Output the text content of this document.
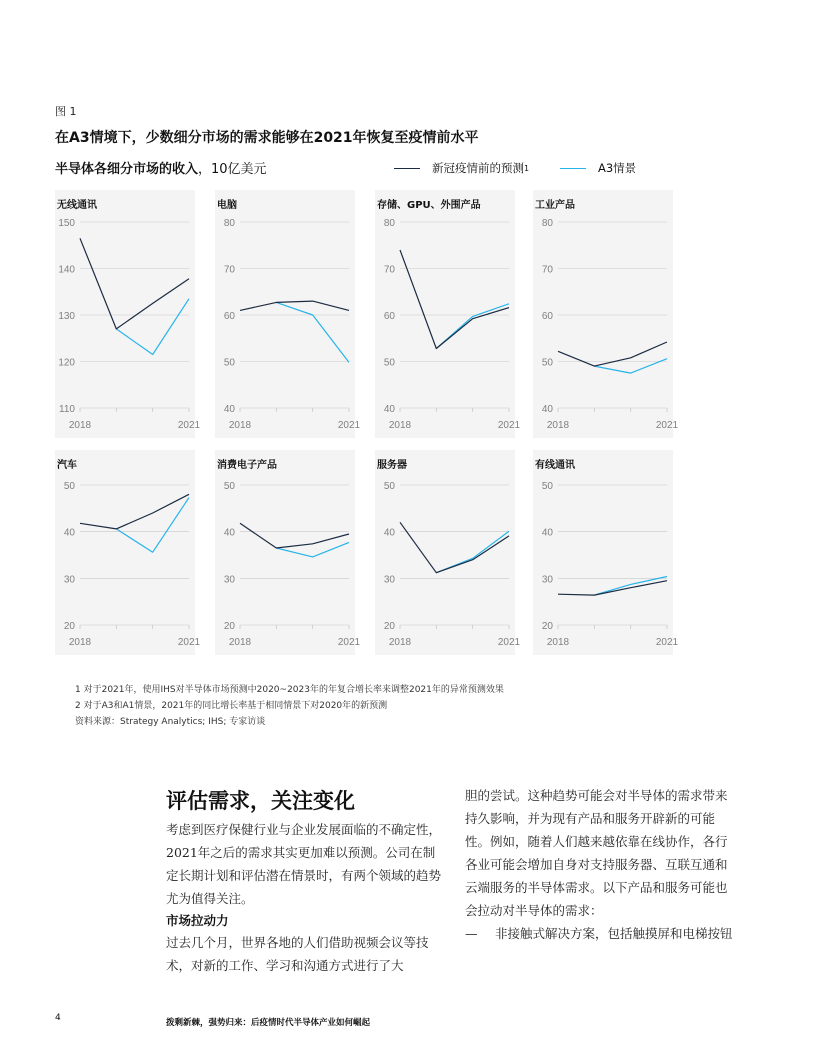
图 1
在A3情境下，少数细分市场的需求能够在2021年恢复至疫情前水平
半导体各细分市场的收入，10亿美元	新冠疫情前的预测 1	A3情景
无线通讯
150
140
130
120
110
2018	2021
电脑
80
70
60
50
40
2018	2021
存储、GPU、外围产品
80
70
60
50
40
2018	2021
工业产品
80
70
60
50
40
2018	2021
汽车
50
40
30
20
2018	2021
消费电子产品
50
40
30
20
2018	2021
服务器
50
40
30
20
2018	2021
有线通讯
50
40
30
20
2018	2021
1 对于2021年，使用IHS对半导体市场预测中2020~2023年的年复合增长率来调整2021年的异常预测效果
2 对于A3和A1情景，2021年的同比增长率基于相同情景下对2020年的新预测
资料来源：Strategy Analytics; IHS; 专家访谈
评估需求，关注变化
考虑到医疗保健行业与企业发展面临的不确定性，2021年之后的需求其实更加难以预测。公司在制定长期计划和评估潜在情景时，有两个领域的趋势尤为值得关注。
市场拉动力
过去几个月，世界各地的人们借助视频会议等技术，对新的工作、学习和沟通方式进行了大
胆的尝试。这种趋势可能会对半导体的需求带来持久影响，并为现有产品和服务开辟新的可能性。例如，随着人们越来越依靠在线协作，各行各业可能会增加自身对支持服务器、互联互通和云端服务的半导体需求。以下产品和服务可能也会拉动对半导体的需求：
—	非接触式解决方案，包括触摸屏和电梯按钮
4	拨剩新棘，强势归来：后疫情时代半导体产业如何崛起
